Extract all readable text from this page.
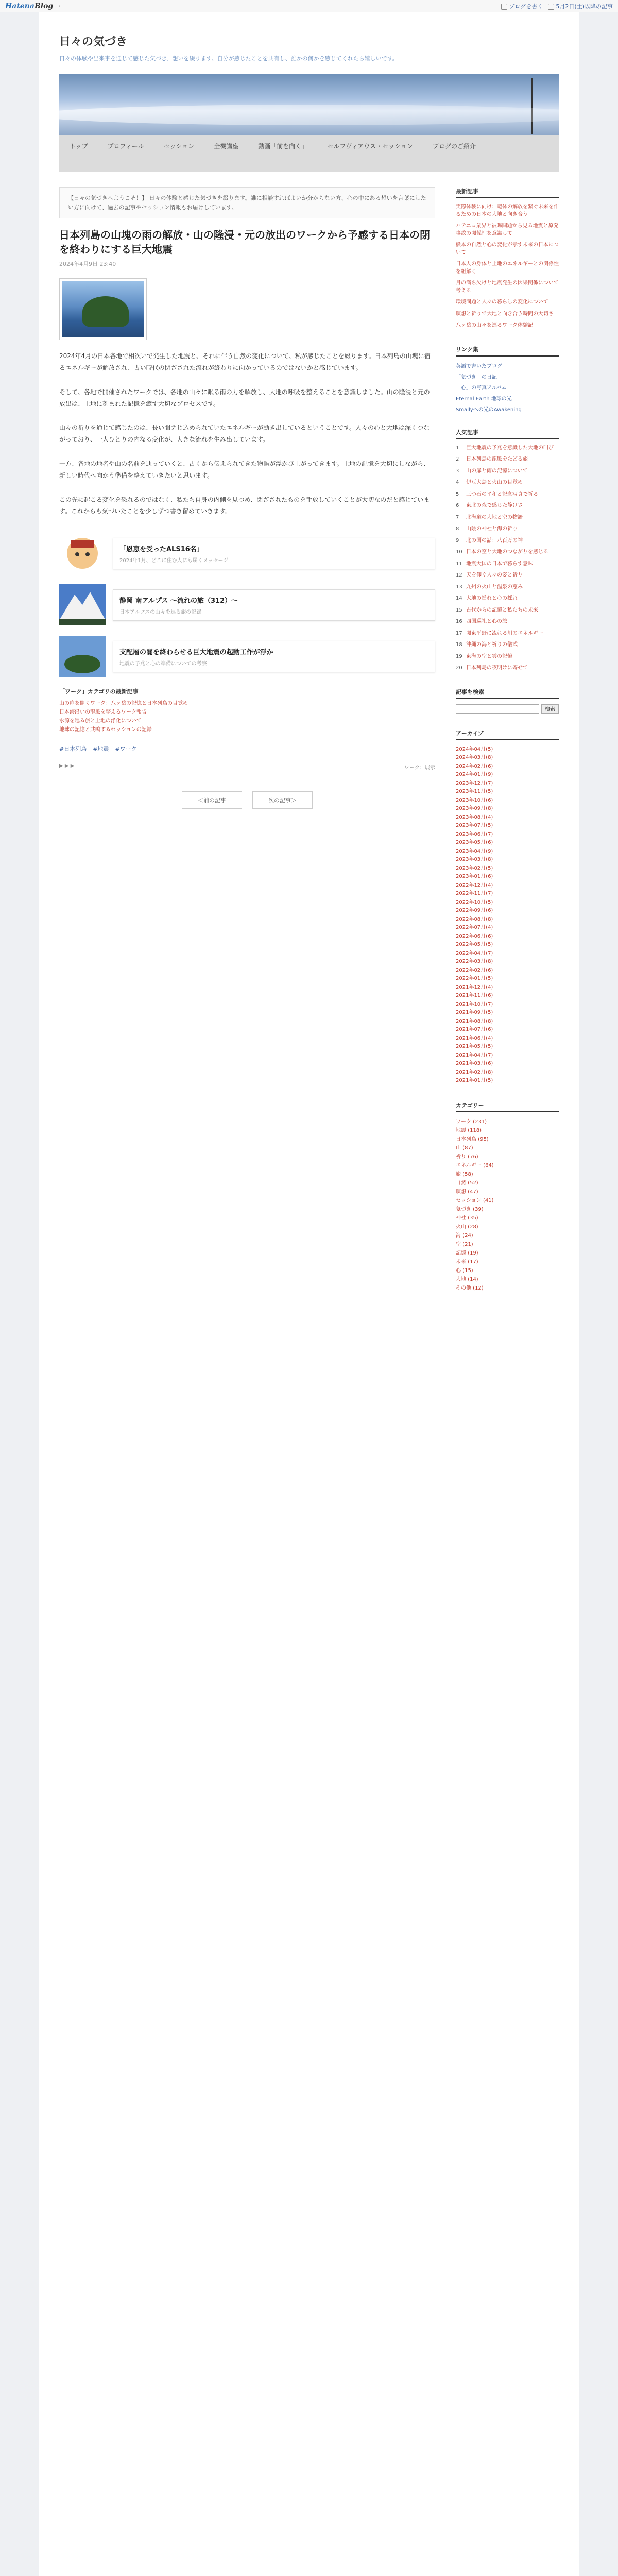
HatenaBlog ›	ブログを書く	5月2日(土)以降の記事
日々の気づき

日々の体験や出来事を通じて感じた気づき、想いを綴ります。自分が感じたことを共有し、誰かの何かを感じてくれたら嬉しいです。

トップ	プロフィール	セッション	全機講座	動画「前を向く」	セルフヴィアウス・セッション	ブログのご紹介
【日々の気づきへようこそ！】 日々の体験と感じた気づきを綴ります。誰に相談すればよいか分からない方、心の中にある想いを言葉にしたい方に向けて、過去の記事やセッション情報もお届けしています。
日本列島の山塊の雨の解放・山の隆浸・元の放出のワークから予感する日本の閉を終わりにする巨大地震
2024年4月9日 23:40

2024年4月の日本各地で相次いで発生した地震と、それに伴う自然の変化について、私が感じたことを綴ります。日本列島の山塊に宿るエネルギーが解放され、古い時代の閉ざされた流れが終わりに向かっているのではないかと感じています。

そして、各地で開催されたワークでは、各地の山々に眠る雨の力を解放し、大地の呼吸を整えることを意識しました。山の隆浸と元の放出は、土地に刻まれた記憶を癒す大切なプロセスです。

山々の祈りを通じて感じたのは、長い間閉じ込められていたエネルギーが動き出しているということです。人々の心と大地は深くつながっており、一人ひとりの内なる変化が、大きな流れを生み出しています。

一方、各地の地名や山の名前を辿っていくと、古くから伝えられてきた物語が浮かび上がってきます。土地の記憶を大切にしながら、新しい時代へ向かう準備を整えていきたいと思います。

この先に起こる変化を恐れるのではなく、私たち自身の内側を見つめ、閉ざされたものを手放していくことが大切なのだと感じています。これからも気づいたことを少しずつ書き留めていきます。

「恩恵を受ったALS16名」
2024年1月、どこに住む人にも届くメッセージ
静岡 南アルプス ～流れの旅（312）～
日本アルプスの山々を巡る旅の記録
支配層の闇を終わらせる巨大地震の起動工作が浮か
地震の予兆と心の準備についての考察
「ワーク」カテゴリの最新記事
山の扉を開くワーク：八ヶ岳の記憶と日本列島の目覚め
日本海沿いの龍脈を整えるワーク報告
水源を巡る旅と土地の浄化について
地球の記憶と共鳴するセッションの記録
#日本列島 #地震 #ワーク
▶ ▶ ▶	ワーク：展示
＜前の記事	次の記事＞
最新記事
実際体験に向け：竜体の解放を繋ぐ未来を作るための日本の大地と向き合う
ハテニュ業界と被曝問題から見る地震と原発事故の関係性を意識して
熊本の自然と心の変化が示す未来の日本について
日本人の身体と土地のエネルギーとの関係性を紐解く
月の満ち欠けと地震発生の因果関係について考える
環境問題と人々の暮らしの変化について
瞑想と祈りで大地と向き合う時間の大切さ
八ヶ岳の山々を巡るワーク体験記
リンク集
英語で書いたブログ
「気づき」の日記
「心」の写真アルバム
Eternal Earth 地球の光
Smallyへの光のAwakening
人気記事
1	巨大地震の予兆を意識した大地の叫び
2	日本列島の龍脈をたどる旅
3	山の扉と雨の記憶について
4	伊豆大島と火山の目覚め
5	三つ石の平和と記念写真で祈る
6	東北の森で感じた静けさ
7	北海道の大地と空の物語
8	山陰の神社と海の祈り
9	北の国の話：八百万の神
10 日本の空と大地のつながりを感じる
11 地震大国の日本で暮らす意味
12 天を仰ぐ人々の姿と祈り
13 九州の火山と温泉の恵み
14 大地の揺れと心の揺れ
15 古代からの記憶と私たちの未来
16 四国巡礼と心の旅
17 関東平野に流れる川のエネルギー
18 沖縄の海と祈りの儀式
19 東海の空と雲の記憶
20 日本列島の夜明けに寄せて
記事を検索
検索
アーカイブ
2024年04月(5)
2024年03月(8)
2024年02月(6)
2024年01月(9)
2023年12月(7)
2023年11月(5)
2023年10月(6)
2023年09月(8)
2023年08月(4)
2023年07月(5)
2023年06月(7)
2023年05月(6)
2023年04月(9)
2023年03月(8)
2023年02月(5)
2023年01月(6)
2022年12月(4)
2022年11月(7)
2022年10月(5)
2022年09月(6)
2022年08月(8)
2022年07月(4)
2022年06月(6)
2022年05月(5)
2022年04月(7)
2022年03月(8)
2022年02月(6)
2022年01月(5)
2021年12月(4)
2021年11月(6)
2021年10月(7)
2021年09月(5)
2021年08月(8)
2021年07月(6)
2021年06月(4)
2021年05月(5)
2021年04月(7)
2021年03月(6)
2021年02月(8)
2021年01月(5)
カテゴリー
ワーク (231)
地震 (118)
日本列島 (95)
山 (87)
祈り (76)
エネルギー (64)
旅 (58)
自然 (52)
瞑想 (47)
セッション (41)
気づき (39)
神社 (35)
火山 (28)
海 (24)
空 (21)
記憶 (19)
未来 (17)
心 (15)
大地 (14)
その他 (12)
